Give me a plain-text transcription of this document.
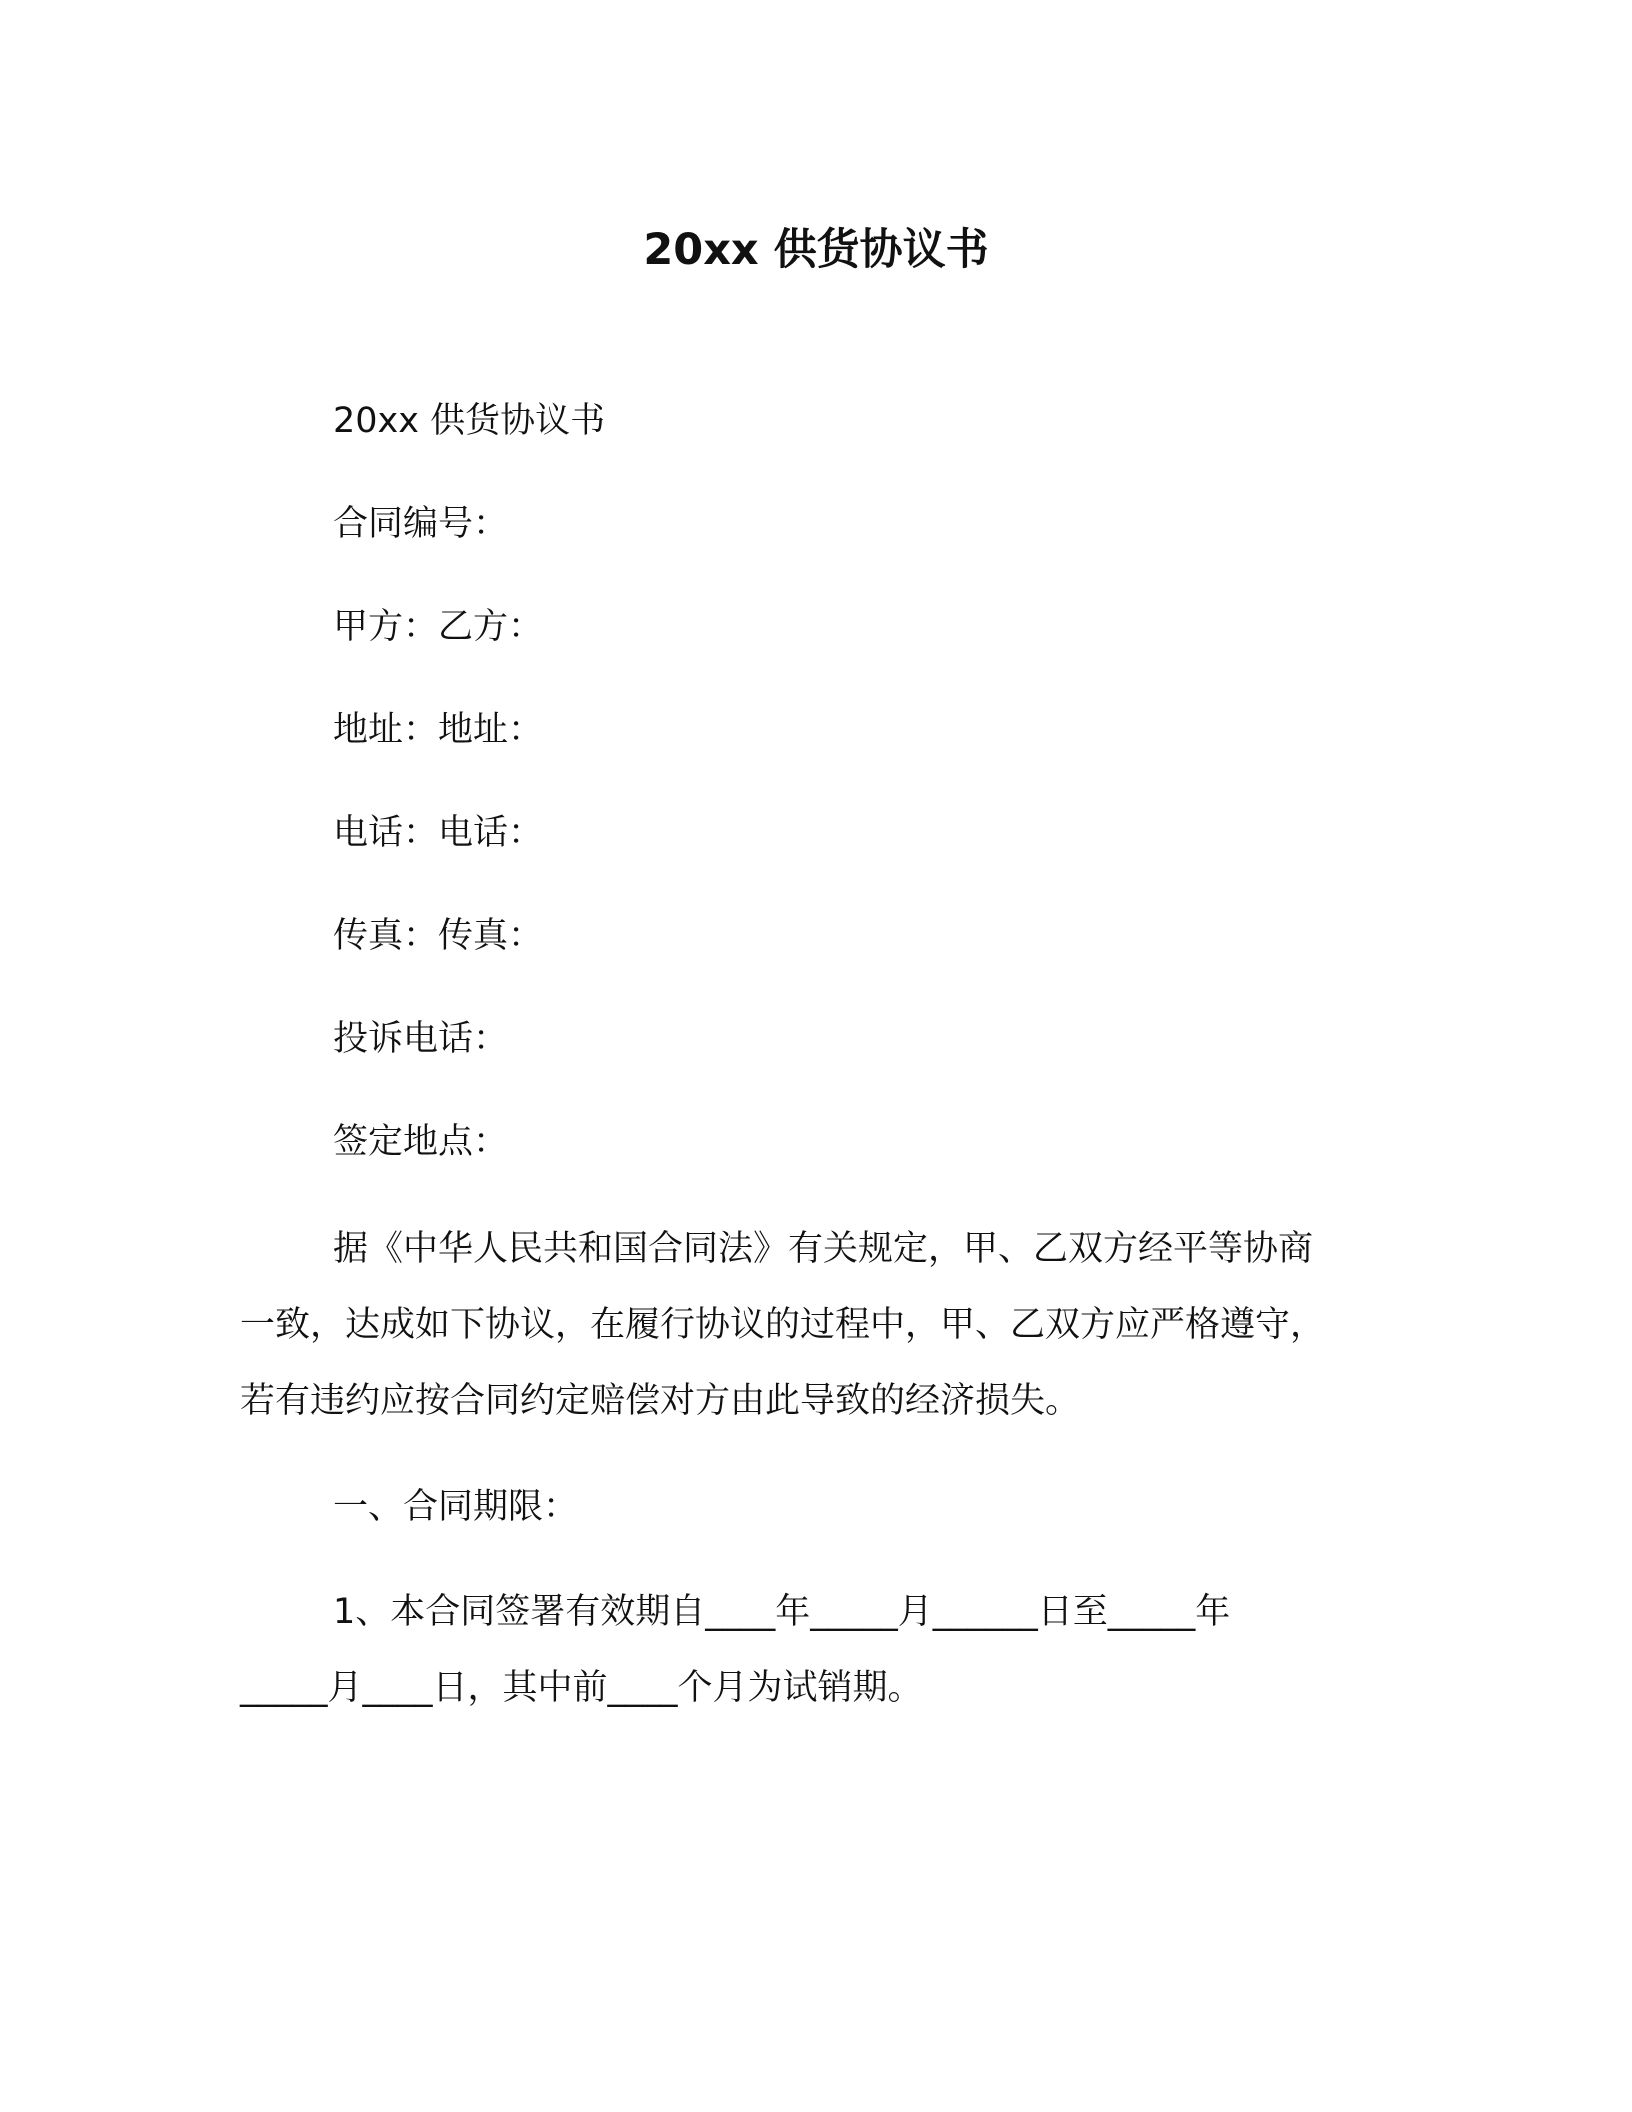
20xx 供货协议书
20xx 供货协议书
合同编号：
甲方：乙方：
地址：地址：
电话：电话：
传真：传真：
投诉电话：
签定地点：
据《中华人民共和国合同法》有关规定，甲、乙双方经平等协商
一致，达成如下协议，在履行协议的过程中，甲、乙双方应严格遵守，
若有违约应按合同约定赔偿对方由此导致的经济损失。
一、合同期限：
1、本合同签署有效期自____年_____月______日至_____年
_____月____日，其中前____个月为试销期。
